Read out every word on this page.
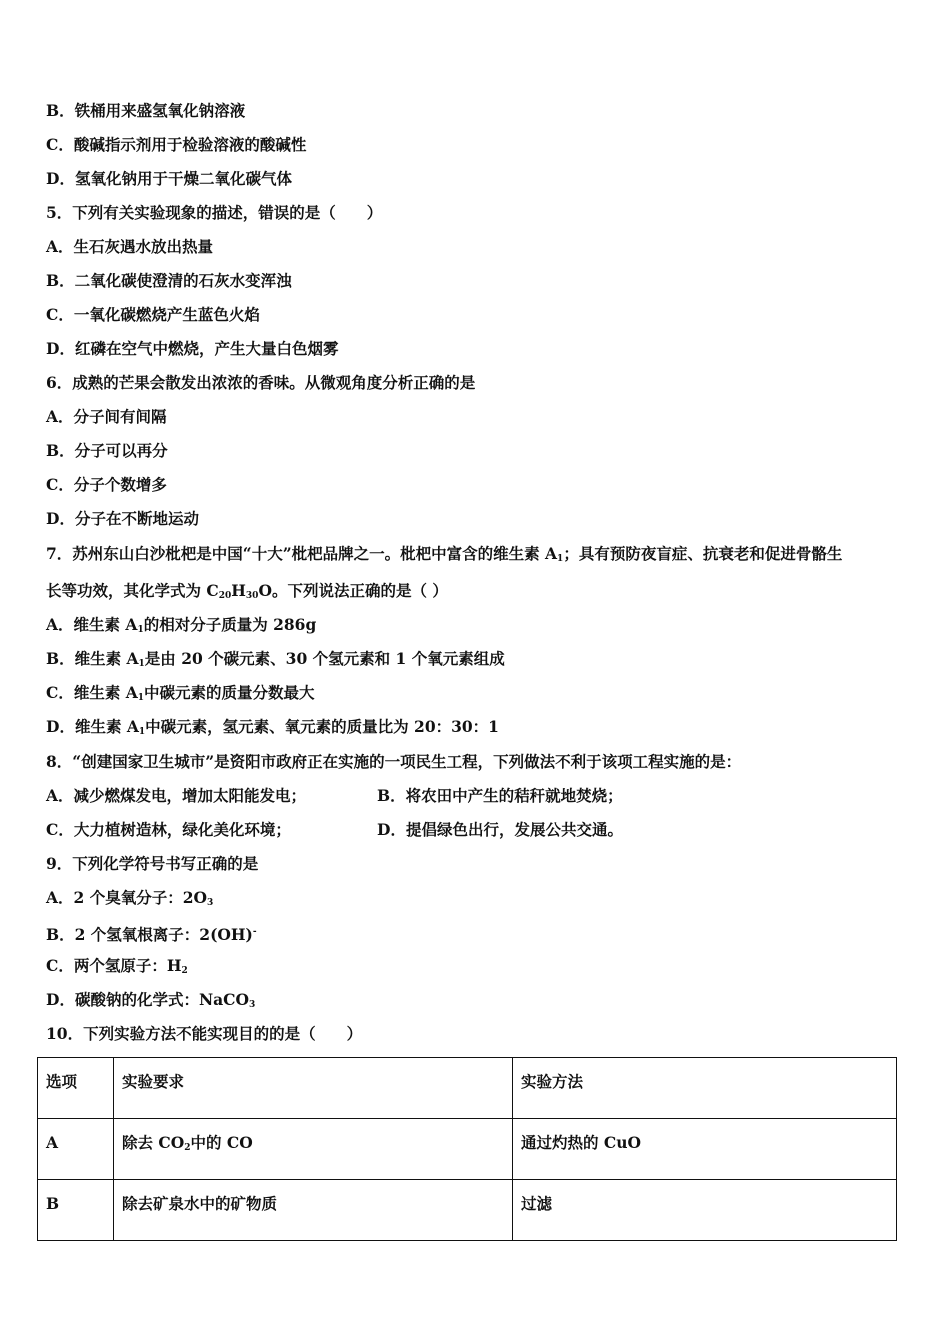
B．铁桶用来盛氢氧化钠溶液
C．酸碱指示剂用于检验溶液的酸碱性
D．氢氧化钠用于干燥二氧化碳气体
5．下列有关实验现象的描述，错误的是（　　）
A．生石灰遇水放出热量
B．二氧化碳使澄清的石灰水变浑浊
C．一氧化碳燃烧产生蓝色火焰
D．红磷在空气中燃烧，产生大量白色烟雾
6．成熟的芒果会散发出浓浓的香味。从微观角度分析正确的是
A．分子间有间隔
B．分子可以再分
C．分子个数增多
D．分子在不断地运动
7．苏州东山白沙枇杷是中国“十大”枇杷品牌之一。枇杷中富含的维生素 $A_1$；具有预防夜盲症、抗衰老和促进骨骼生
长等功效，其化学式为 $C_{20}H_{30}O$。下列说法正确的是（ ）
A．维生素 $A_1$的相对分子质量为 286g
B．维生素 $A_1$是由 20 个碳元素、30 个氢元素和 1 个氧元素组成
C．维生素 $A_1$中碳元素的质量分数最大
D．维生素 $A_1$中碳元素，氢元素、氧元素的质量比为 20：30：1
8．“创建国家卫生城市”是资阳市政府正在实施的一项民生工程，下列做法不利于该项工程实施的是：
A．减少燃煤发电，增加太阳能发电；	B．将农田中产生的秸秆就地焚烧；
C．大力植树造林，绿化美化环境；	D．提倡绿色出行，发展公共交通。
9．下列化学符号书写正确的是
A．2 个臭氧分子：$2O_3$
B．2 个氢氧根离子：2(OH)-
C．两个氢原子：$H_2$
D．碳酸钠的化学式：NaCO$_3$
10．下列实验方法不能实现目的的是（　　）
选项	实验要求	实验方法
A	除去 $CO_2$中的 CO	通过灼热的 CuO
B	除去矿泉水中的矿物质	过滤
